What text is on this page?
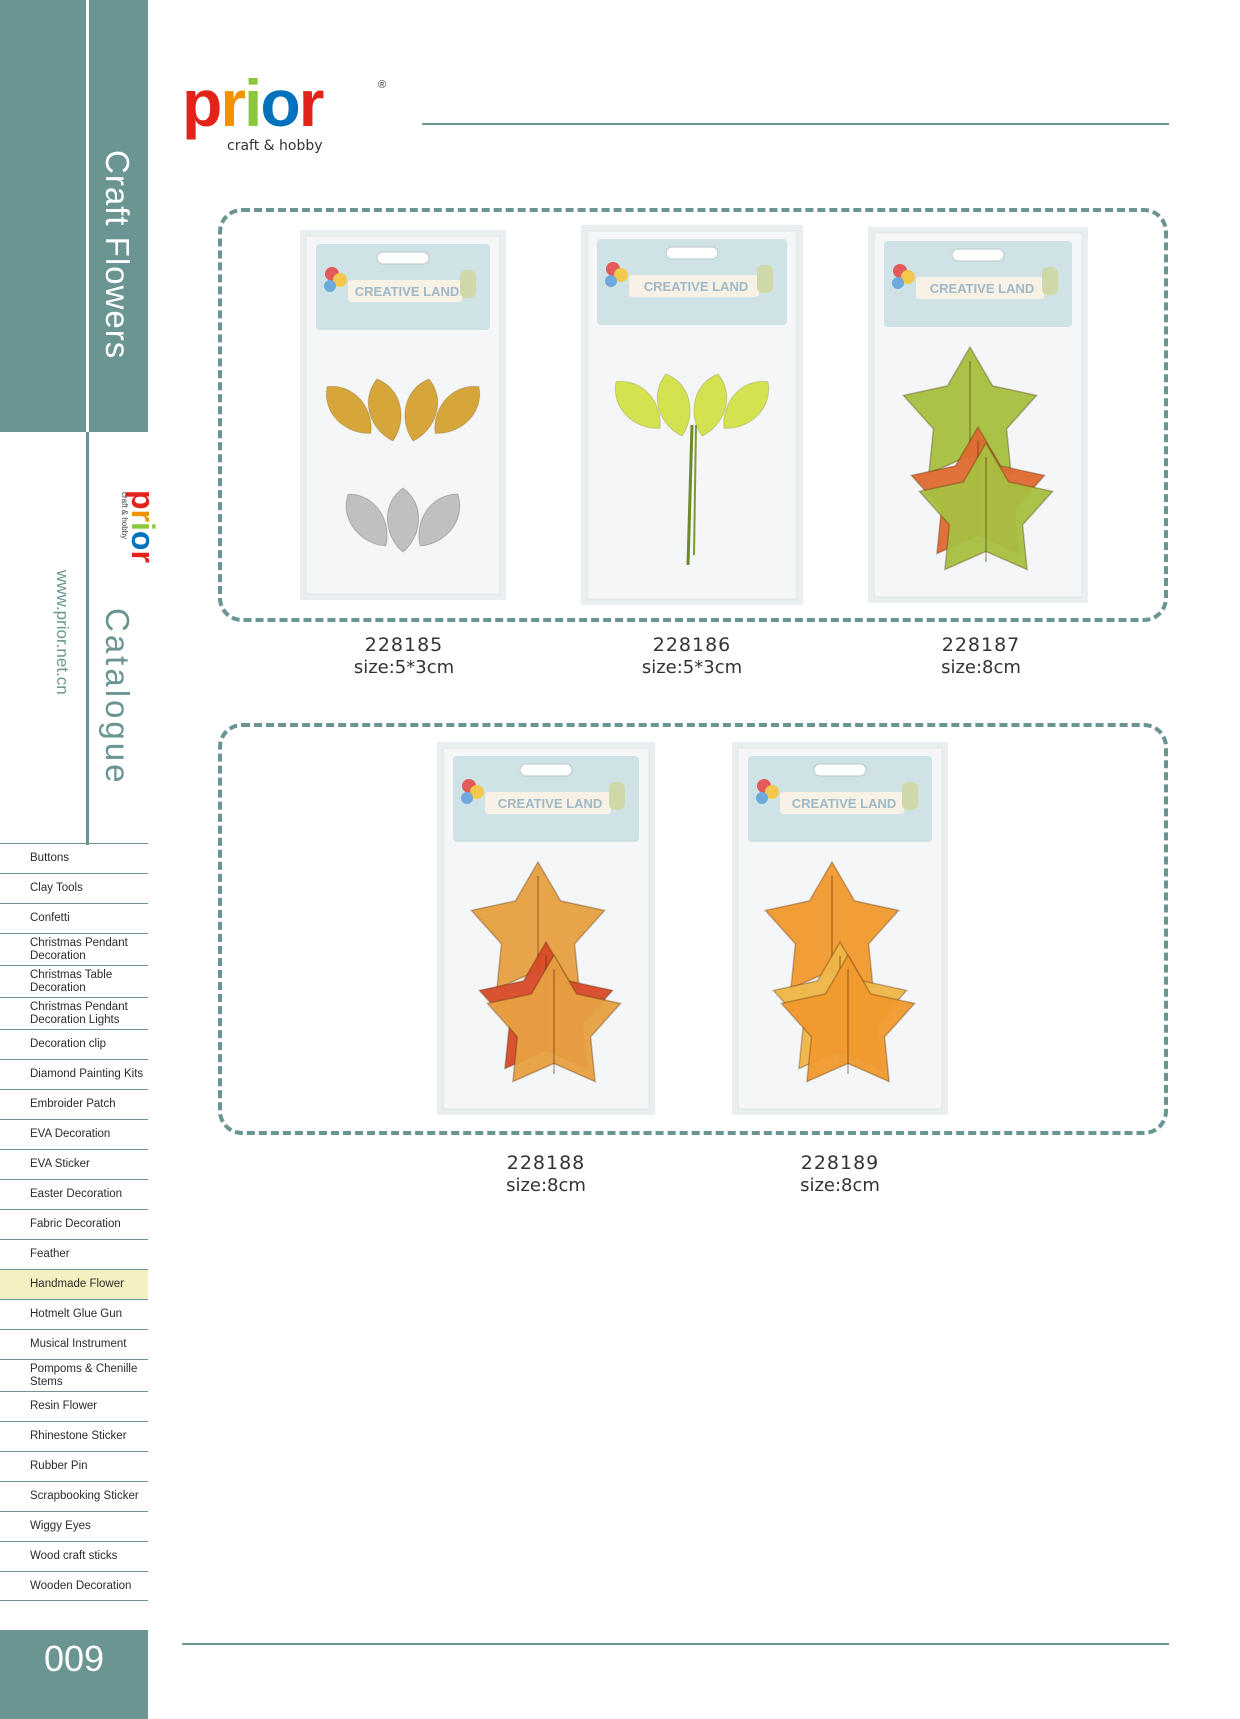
Craft Flowers
prior
craft & hobby
Catalogue
www.prior.net.cn
Buttons
Clay Tools
Confetti
Christmas Pendant Decoration
Christmas Table Decoration
Christmas Pendant Decoration Lights
Decoration clip
Diamond Painting Kits
Embroider Patch
EVA Decoration
EVA Sticker
Easter Decoration
Fabric Decoration
Feather
Handmade Flower
Hotmelt Glue Gun
Musical Instrument
Pompoms & Chenille Stems
Resin Flower
Rhinestone Sticker
Rubber Pin
Scrapbooking Sticker
Wiggy Eyes
Wood craft sticks
Wooden Decoration
009
prior	®
craft & hobby
CREATIVE LAND
228185
size:5*3cm
CREATIVE LAND
228186
size:5*3cm
CREATIVE LAND
228187
size:8cm
CREATIVE LAND
228188
size:8cm
CREATIVE LAND
228189
size:8cm
